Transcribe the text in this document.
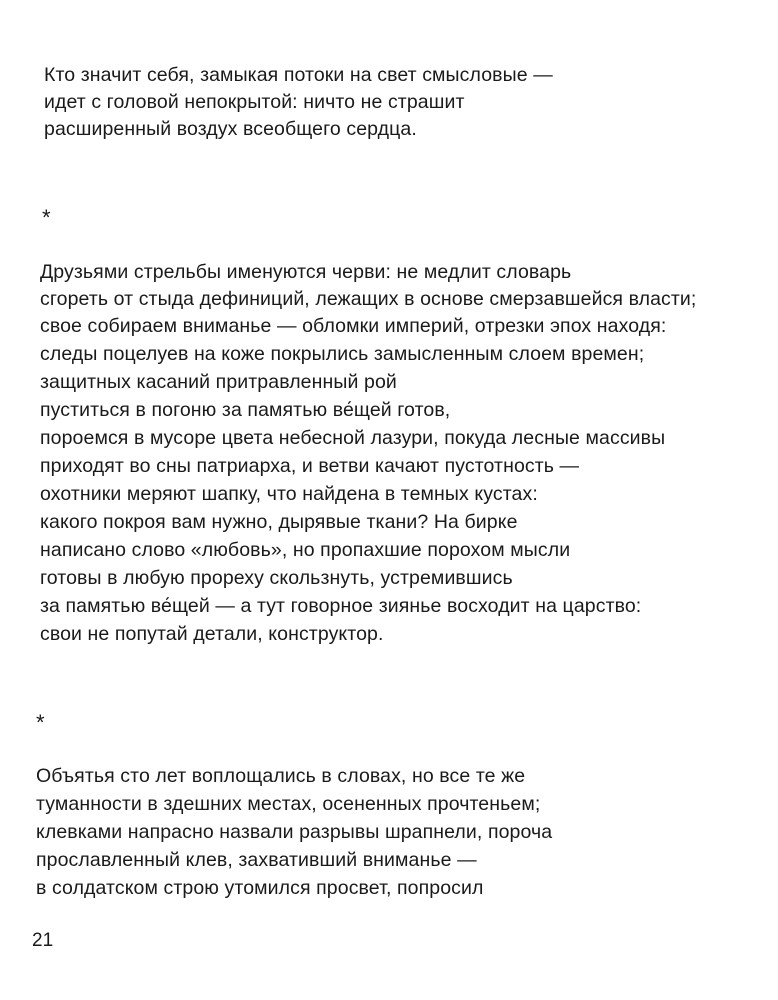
Кто значит себя, замыкая потоки на свет смысловые —
идет с головой непокрытой: ничто не страшит
расширенный воздух всеобщего сердца.
*
Друзьями стрельбы именуются черви: не медлит словарь
сгореть от стыда дефиниций, лежащих в основе смерзавшейся власти;
свое собираем вниманье — обломки империй, отрезки эпох находя:
следы поцелуев на коже покрылись замысленным слоем времен;
защитных касаний притравленный рой
пуститься в погоню за памятью ве́щей готов,
пороемся в мусоре цвета небесной лазури, покуда лесные массивы
приходят во сны патриарха, и ветви качают пустотность —
охотники меряют шапку, что найдена в темных кустах:
какого покроя вам нужно, дырявые ткани? На бирке
написано слово «любовь», но пропахшие порохом мысли
готовы в любую прореху скользнуть, устремившись
за памятью ве́щей — а тут говорное зиянье восходит на царство:
свои не попутай детали, конструктор.
*
Объятья сто лет воплощались в словах, но все те же
туманности в здешних местах, осененных прочтеньем;
клевками напрасно назвали разрывы шрапнели, порочa
прославленный клев, захвативший вниманье —
в солдатском строю утомился просвет, попросил
21
